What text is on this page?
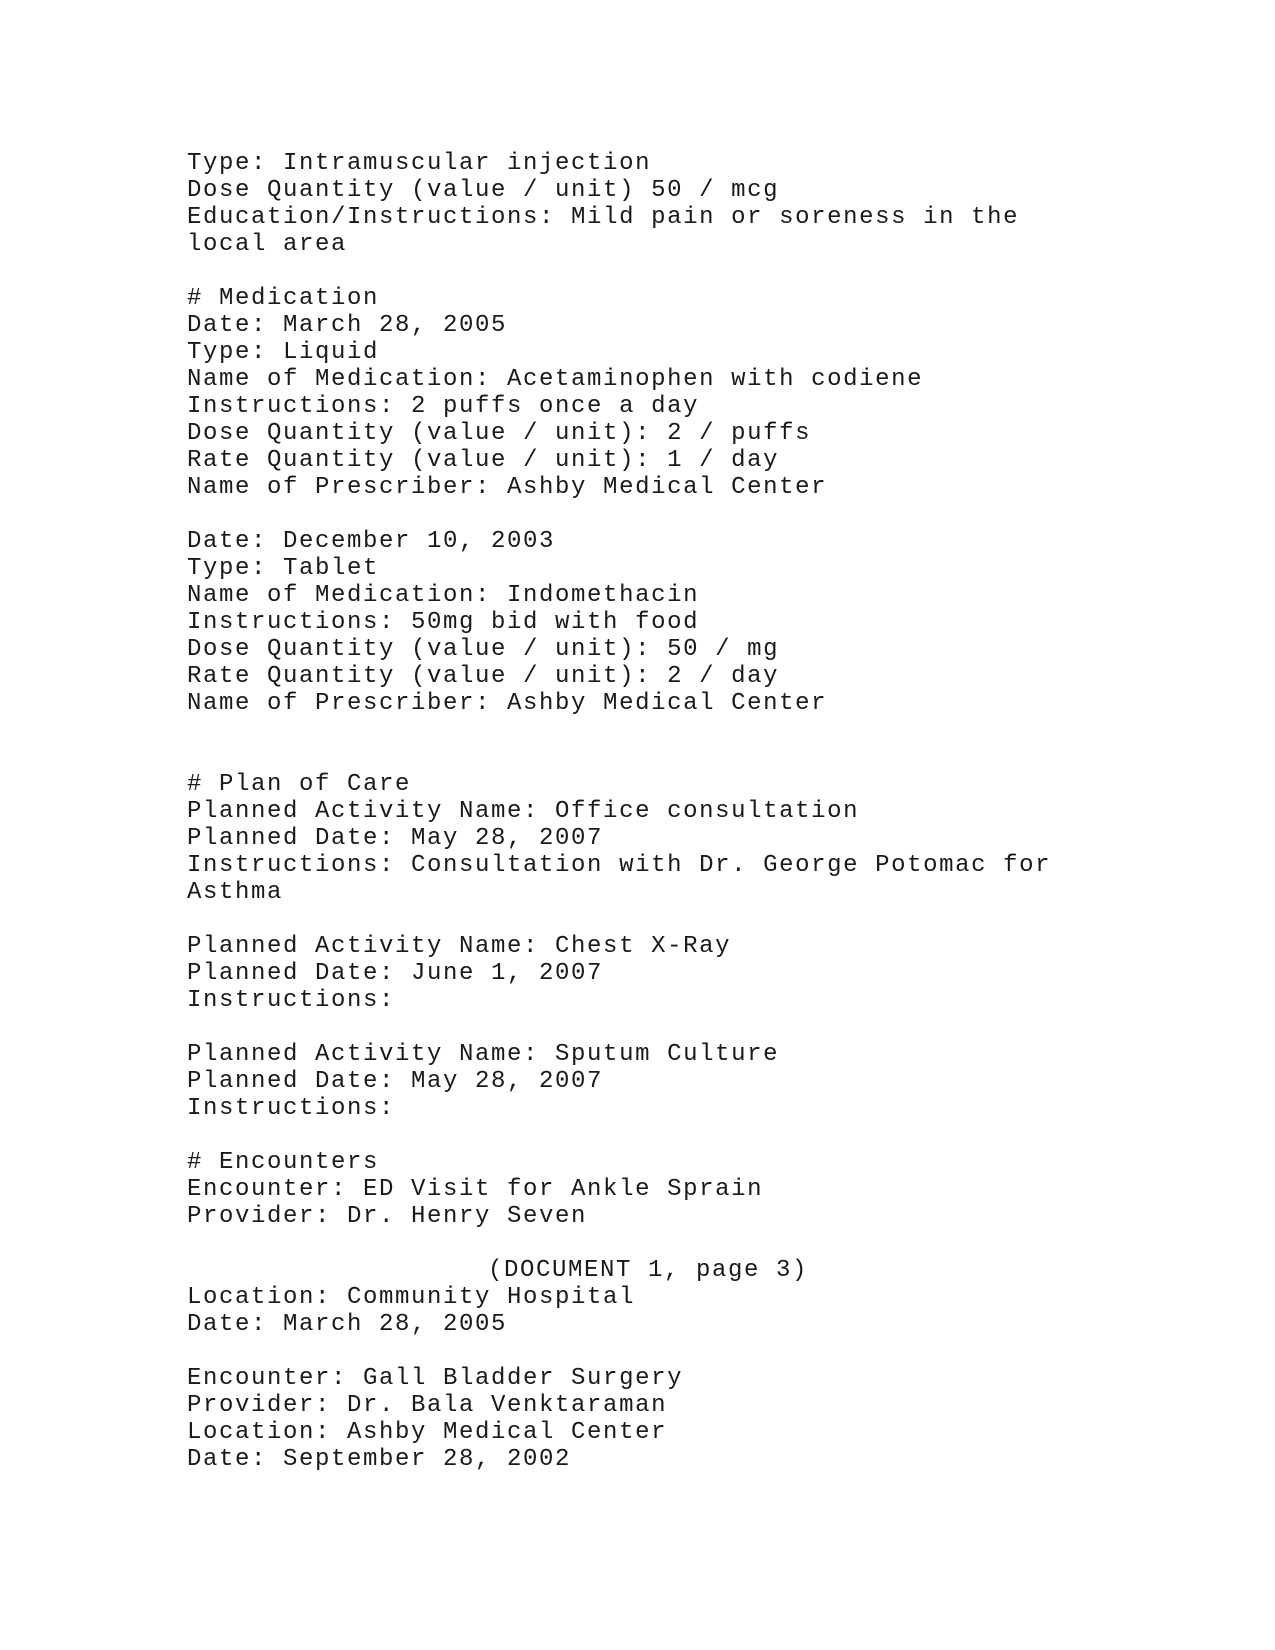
Type: Intramuscular injection
Dose Quantity (value / unit) 50 / mcg
Education/Instructions: Mild pain or soreness in the
local area
# Medication
Date: March 28, 2005
Type: Liquid
Name of Medication: Acetaminophen with codiene
Instructions: 2 puffs once a day
Dose Quantity (value / unit): 2 / puffs
Rate Quantity (value / unit): 1 / day
Name of Prescriber: Ashby Medical Center
Date: December 10, 2003
Type: Tablet
Name of Medication: Indomethacin
Instructions: 50mg bid with food
Dose Quantity (value / unit): 50 / mg
Rate Quantity (value / unit): 2 / day
Name of Prescriber: Ashby Medical Center
# Plan of Care
Planned Activity Name: Office consultation
Planned Date: May 28, 2007
Instructions: Consultation with Dr. George Potomac for
Asthma
Planned Activity Name: Chest X-Ray
Planned Date: June 1, 2007
Instructions:
Planned Activity Name: Sputum Culture
Planned Date: May 28, 2007
Instructions:
# Encounters
Encounter: ED Visit for Ankle Sprain
Provider: Dr. Henry Seven
(DOCUMENT 1, page 3)
Location: Community Hospital
Date: March 28, 2005
Encounter: Gall Bladder Surgery
Provider: Dr. Bala Venktaraman
Location: Ashby Medical Center
Date: September 28, 2002
